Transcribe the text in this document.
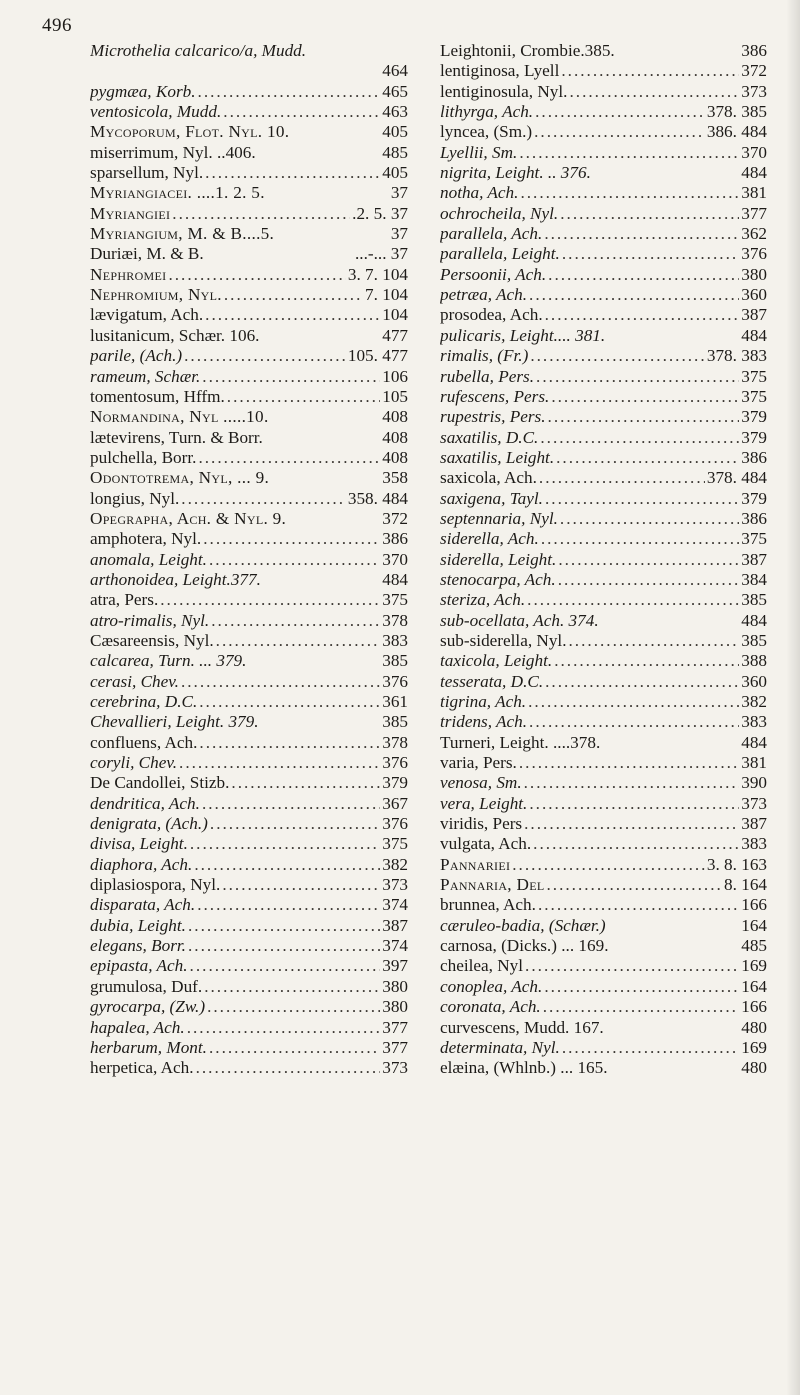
496
Microthelia calcarico/a, Mudd.
464
pygmæa, Korb. .....	465
ventosicola, Mudd. .....	463
Mycoporum, Flot. Nyl. 10.	405
miserrimum, Nyl. ..406.	485
sparsellum, Nyl. .....	405
Myriangiacei. ....1. 2. 5.	37
Myriangiei .....	.2. 5. 37
Myriangium, M. & B....5.	37
Duriæi, M. & B.	...-... 37
Nephromei .....	3. 7. 104
Nephromium, Nyl. .....	7. 104
lævigatum, Ach. .....	104
lusitanicum, Schær. 106.	477
parile, (Ach.) .....	105. 477
rameum, Schær. .....	106
tomentosum, Hffm. .....	105
Normandina, Nyl .....10.	408
lætevirens, Turn. & Borr.	408
pulchella, Borr. .....	408
Odontotrema, Nyl, ... 9.	358
longius, Nyl. .....	358. 484
Opegrapha, Ach. & Nyl. 9.	372
amphotera, Nyl. .....	386
anomala, Leight. .....	370
arthonoidea, Leight.377.	484
atra, Pers. .....	375
atro-rimalis, Nyl. .....	378
Cæsareensis, Nyl. .....	383
calcarea, Turn. ... 379.	385
cerasi, Chev. .....	376
cerebrina, D.C. .....	361
Chevallieri, Leight. 379.	385
confluens, Ach. .....	378
coryli, Chev. .....	376
De Candollei, Stizb. .....	379
dendritica, Ach. .....	367
denigrata, (Ach.) .....	376
divisa, Leight. .....	375
diaphora, Ach. .....	382
diplasiospora, Nyl. .....	373
disparata, Ach. .....	374
dubia, Leight. .....	387
elegans, Borr. .....	374
epipasta, Ach. .....	397
grumulosa, Duf. .....	380
gyrocarpa, (Zw.) .....	380
hapalea, Ach. .....	377
herbarum, Mont. .....	377
herpetica, Ach. .....	373
Leightonii, Crombie.385.	386
lentiginosa, Lyell .....	372
lentiginosula, Nyl. .....	373
lithyrga, Ach. .....	378. 385
lyncea, (Sm.) .....	386. 484
Lyellii, Sm. .....	370
nigrita, Leight. .. 376.	484
notha, Ach. .....	381
ochrocheila, Nyl. .....	377
parallela, Ach. .....	362
parallela, Leight. .....	376
Persoonii, Ach. .....	380
petræa, Ach. .....	360
prosodea, Ach. .....	387
pulicaris, Leight.... 381.	484
rimalis, (Fr.) .....	378. 383
rubella, Pers. .....	375
rufescens, Pers. .....	375
rupestris, Pers. .....	379
saxatilis, D.C. .....	379
saxatilis, Leight. .....	386
saxicola, Ach. .....	378. 484
saxigena, Tayl. .....	379
septennaria, Nyl. .....	386
siderella, Ach. .....	375
siderella, Leight. .....	387
stenocarpa, Ach. .....	384
steriza, Ach. .....	385
sub-ocellata, Ach. 374.	484
sub-siderella, Nyl. .....	385
taxicola, Leight. .....	388
tesserata, D.C. .....	360
tigrina, Ach. .....	382
tridens, Ach. .....	383
Turneri, Leight. ....378.	484
varia, Pers. .....	381
venosa, Sm. .....	390
vera, Leight. .....	373
viridis, Pers .....	387
vulgata, Ach. .....	383
Pannariei .....	3. 8. 163
Pannaria, Del .....	8. 164
brunnea, Ach. .....	166
cæruleo-badia, (Schær.)	164
carnosa, (Dicks.) ... 169.	485
cheilea, Nyl .....	169
conoplea, Ach. .....	164
coronata, Ach. .....	166
curvescens, Mudd. 167.	480
determinata, Nyl. .....	169
elæina, (Whlnb.) ... 165.	480
